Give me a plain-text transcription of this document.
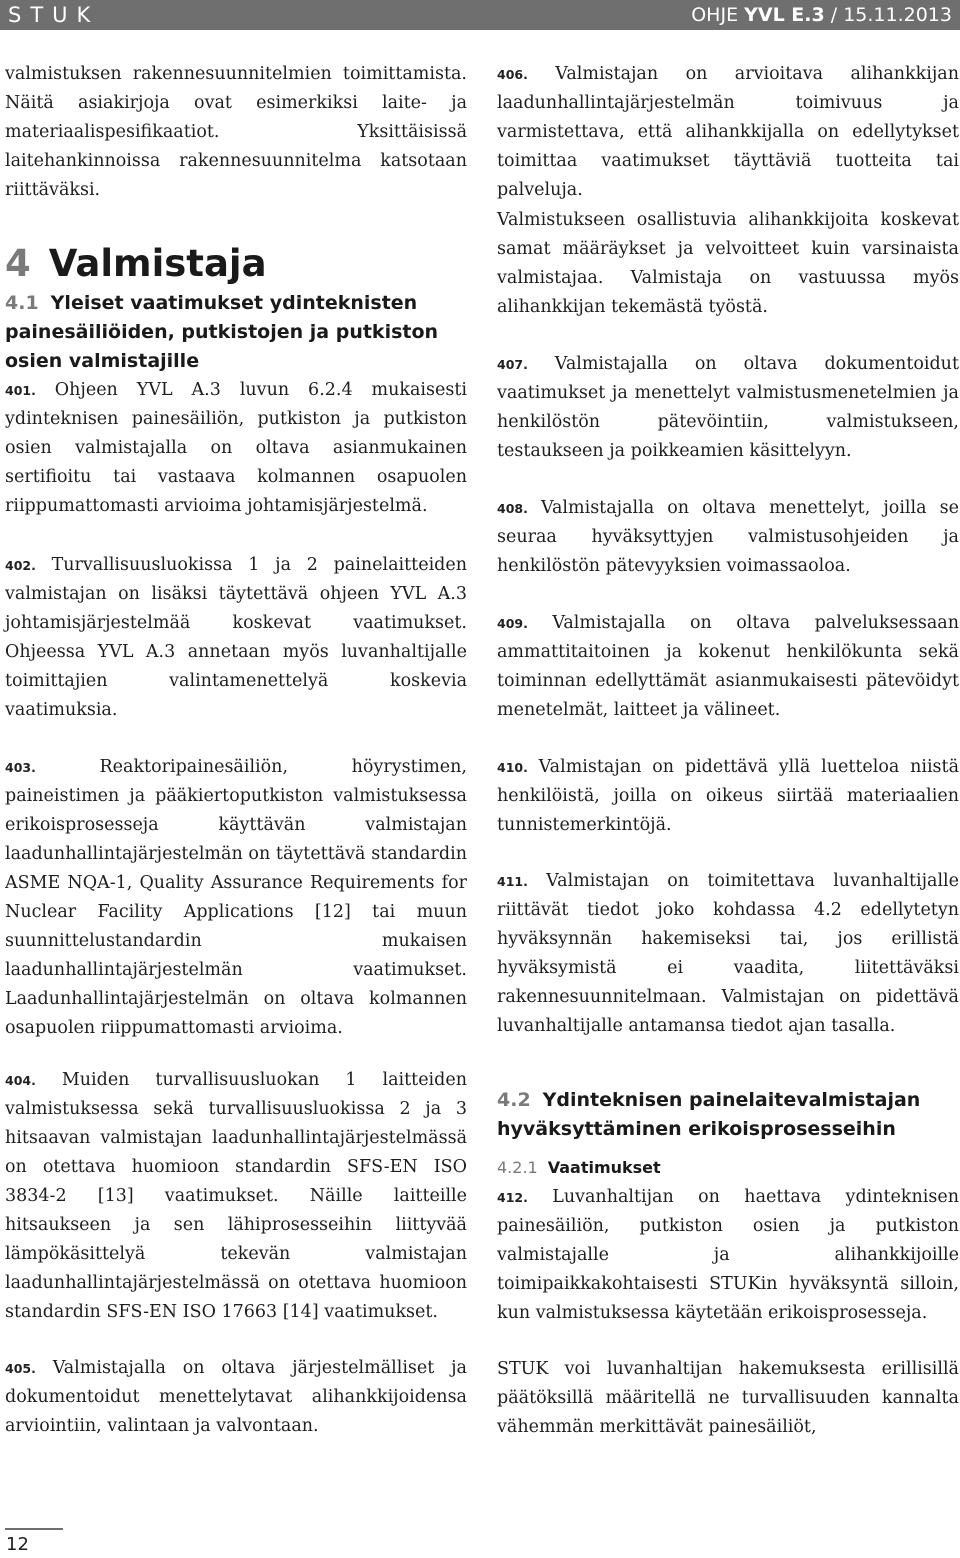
STUK	OHJE YVL E.3 / 15.11.2013
valmistuksen rakennesuunnitelmien toimittamista. Näitä asiakirjoja ovat esimerkiksi laite- ja materiaalispesifikaatiot. Yksittäisissä laitehankinnoissa rakennesuunnitelma katsotaan riittäväksi.
4 Valmistaja
4.1 Yleiset vaatimukset ydinteknisten painesäiliöiden, putkistojen ja putkiston osien valmistajille
401. Ohjeen YVL A.3 luvun 6.2.4 mukaisesti ydinteknisen painesäiliön, putkiston ja putkiston osien valmistajalla on oltava asianmukainen sertifioitu tai vastaava kolmannen osapuolen riippumattomasti arvioima johtamisjärjestelmä.
402. Turvallisuusluokissa 1 ja 2 painelaitteiden valmistajan on lisäksi täytettävä ohjeen YVL A.3 johtamisjärjestelmää koskevat vaatimukset. Ohjeessa YVL A.3 annetaan myös luvanhaltijalle toimittajien valintamenettelyä koskevia vaatimuksia.
403.	Reaktoripainesäiliön, höyrystimen, paineistimen ja pääkiertoputkiston valmistuksessa erikoisprosesseja käyttävän valmistajan laadunhallintajärjestelmän on täytettävä standardin ASME NQA-1, Quality Assurance Requirements for Nuclear Facility Applications [12] tai muun suunnittelustandardin mukaisen laadunhallintajärjestelmän vaatimukset. Laadunhallintajärjestelmän on oltava kolmannen osapuolen riippumattomasti arvioima.
404. Muiden turvallisuusluokan 1 laitteiden valmistuksessa sekä turvallisuusluokissa 2 ja 3 hitsaavan valmistajan laadunhallintajärjestelmässä on otettava huomioon standardin SFS-EN ISO 3834-2 [13] vaatimukset. Näille laitteille hitsaukseen ja sen lähiprosesseihin liittyvää lämpökäsittelyä tekevän valmistajan laadunhallintajärjestelmässä on otettava huomioon standardin SFS-EN ISO 17663 [14] vaatimukset.
405. Valmistajalla on oltava järjestelmälliset ja dokumentoidut menettelytavat alihankkijoidensa arviointiin, valintaan ja valvontaan.
406. Valmistajan on arvioitava alihankkijan laadunhallintajärjestelmän toimivuus ja varmistettava, että alihankkijalla on edellytykset toimittaa vaatimukset täyttäviä tuotteita tai palveluja.
Valmistukseen osallistuvia alihankkijoita koskevat samat määräykset ja velvoitteet kuin varsinaista valmistajaa. Valmistaja on vastuussa myös alihankkijan tekemästä työstä.
407. Valmistajalla on oltava dokumentoidut vaatimukset ja menettelyt valmistusmenetelmien ja henkilöstön pätevöintiin, valmistukseen, testaukseen ja poikkeamien käsittelyyn.
408. Valmistajalla on oltava menettelyt, joilla se seuraa hyväksyttyjen valmistusohjeiden ja henkilöstön pätevyyksien voimassaoloa.
409. Valmistajalla on oltava palveluksessaan ammattitaitoinen ja kokenut henkilökunta sekä toiminnan edellyttämät asianmukaisesti pätevöidyt menetelmät, laitteet ja välineet.
410. Valmistajan on pidettävä yllä luetteloa niistä henkilöistä, joilla on oikeus siirtää materiaalien tunnistemerkintöjä.
411. Valmistajan on toimitettava luvanhaltijalle riittävät tiedot joko kohdassa 4.2 edellytetyn hyväksynnän hakemiseksi tai, jos erillistä hyväksymistä ei vaadita, liitettäväksi rakennesuunnitelmaan. Valmistajan on pidettävä luvanhaltijalle antamansa tiedot ajan tasalla.
4.2 Ydinteknisen painelaitevalmistajan hyväksyttäminen erikoisprosesseihin
4.2.1 Vaatimukset
412. Luvanhaltijan on haettava ydinteknisen painesäiliön, putkiston osien ja putkiston valmistajalle ja alihankkijoille toimipaikkakohtaisesti STUKin hyväksyntä silloin, kun valmistuksessa käytetään erikoisprosesseja.
STUK voi luvanhaltijan hakemuksesta erillisillä päätöksillä määritellä ne turvallisuuden kannalta vähemmän merkittävät painesäiliöt,
12
